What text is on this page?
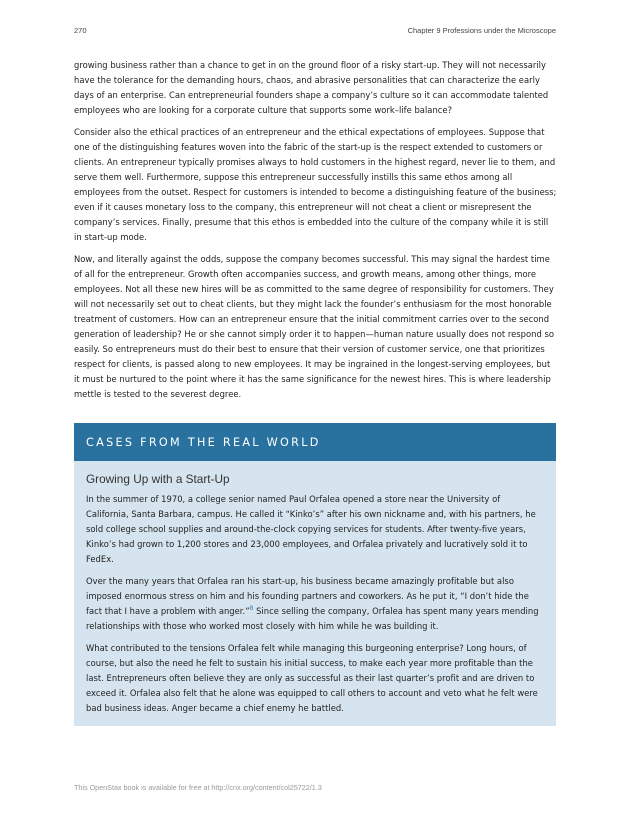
270	Chapter 9 Professions under the Microscope

growing business rather than a chance to get in on the ground floor of a risky start-up. They will not necessarily have the tolerance for the demanding hours, chaos, and abrasive personalities that can characterize the early days of an enterprise. Can entrepreneurial founders shape a company’s culture so it can accommodate talented employees who are looking for a corporate culture that supports some work–life balance?

Consider also the ethical practices of an entrepreneur and the ethical expectations of employees. Suppose that one of the distinguishing features woven into the fabric of the start-up is the respect extended to customers or clients. An entrepreneur typically promises always to hold customers in the highest regard, never lie to them, and serve them well. Furthermore, suppose this entrepreneur successfully instills this same ethos among all employees from the outset. Respect for customers is intended to become a distinguishing feature of the business; even if it causes monetary loss to the company, this entrepreneur will not cheat a client or misrepresent the company’s services. Finally, presume that this ethos is embedded into the culture of the company while it is still in start-up mode.

Now, and literally against the odds, suppose the company becomes successful. This may signal the hardest time of all for the entrepreneur. Growth often accompanies success, and growth means, among other things, more employees. Not all these new hires will be as committed to the same degree of responsibility for customers. They will not necessarily set out to cheat clients, but they might lack the founder’s enthusiasm for the most honorable treatment of customers. How can an entrepreneur ensure that the initial commitment carries over to the second generation of leadership? He or she cannot simply order it to happen—human nature usually does not respond so easily. So entrepreneurs must do their best to ensure that their version of customer service, one that prioritizes respect for clients, is passed along to new employees. It may be ingrained in the longest-serving employees, but it must be nurtured to the point where it has the same significance for the newest hires. This is where leadership mettle is tested to the severest degree.

CASES FROM THE REAL WORLD
Growing Up with a Start-Up

In the summer of 1970, a college senior named Paul Orfalea opened a store near the University of California, Santa Barbara, campus. He called it “Kinko’s” after his own nickname and, with his partners, he sold college school supplies and around-the-clock copying services for students. After twenty-five years, Kinko’s had grown to 1,200 stores and 23,000 employees, and Orfalea privately and lucratively sold it to FedEx.

Over the many years that Orfalea ran his start-up, his business became amazingly profitable but also imposed enormous stress on him and his founding partners and coworkers. As he put it, “I don’t hide the fact that I have a problem with anger.”$^8$ Since selling the company, Orfalea has spent many years mending relationships with those who worked most closely with him while he was building it.

What contributed to the tensions Orfalea felt while managing this burgeoning enterprise? Long hours, of course, but also the need he felt to sustain his initial success, to make each year more profitable than the last. Entrepreneurs often believe they are only as successful as their last quarter’s profit and are driven to exceed it. Orfalea also felt that he alone was equipped to call others to account and veto what he felt were bad business ideas. Anger became a chief enemy he battled.

This OpenStax book is available for free at http://cnx.org/content/col25722/1.3
